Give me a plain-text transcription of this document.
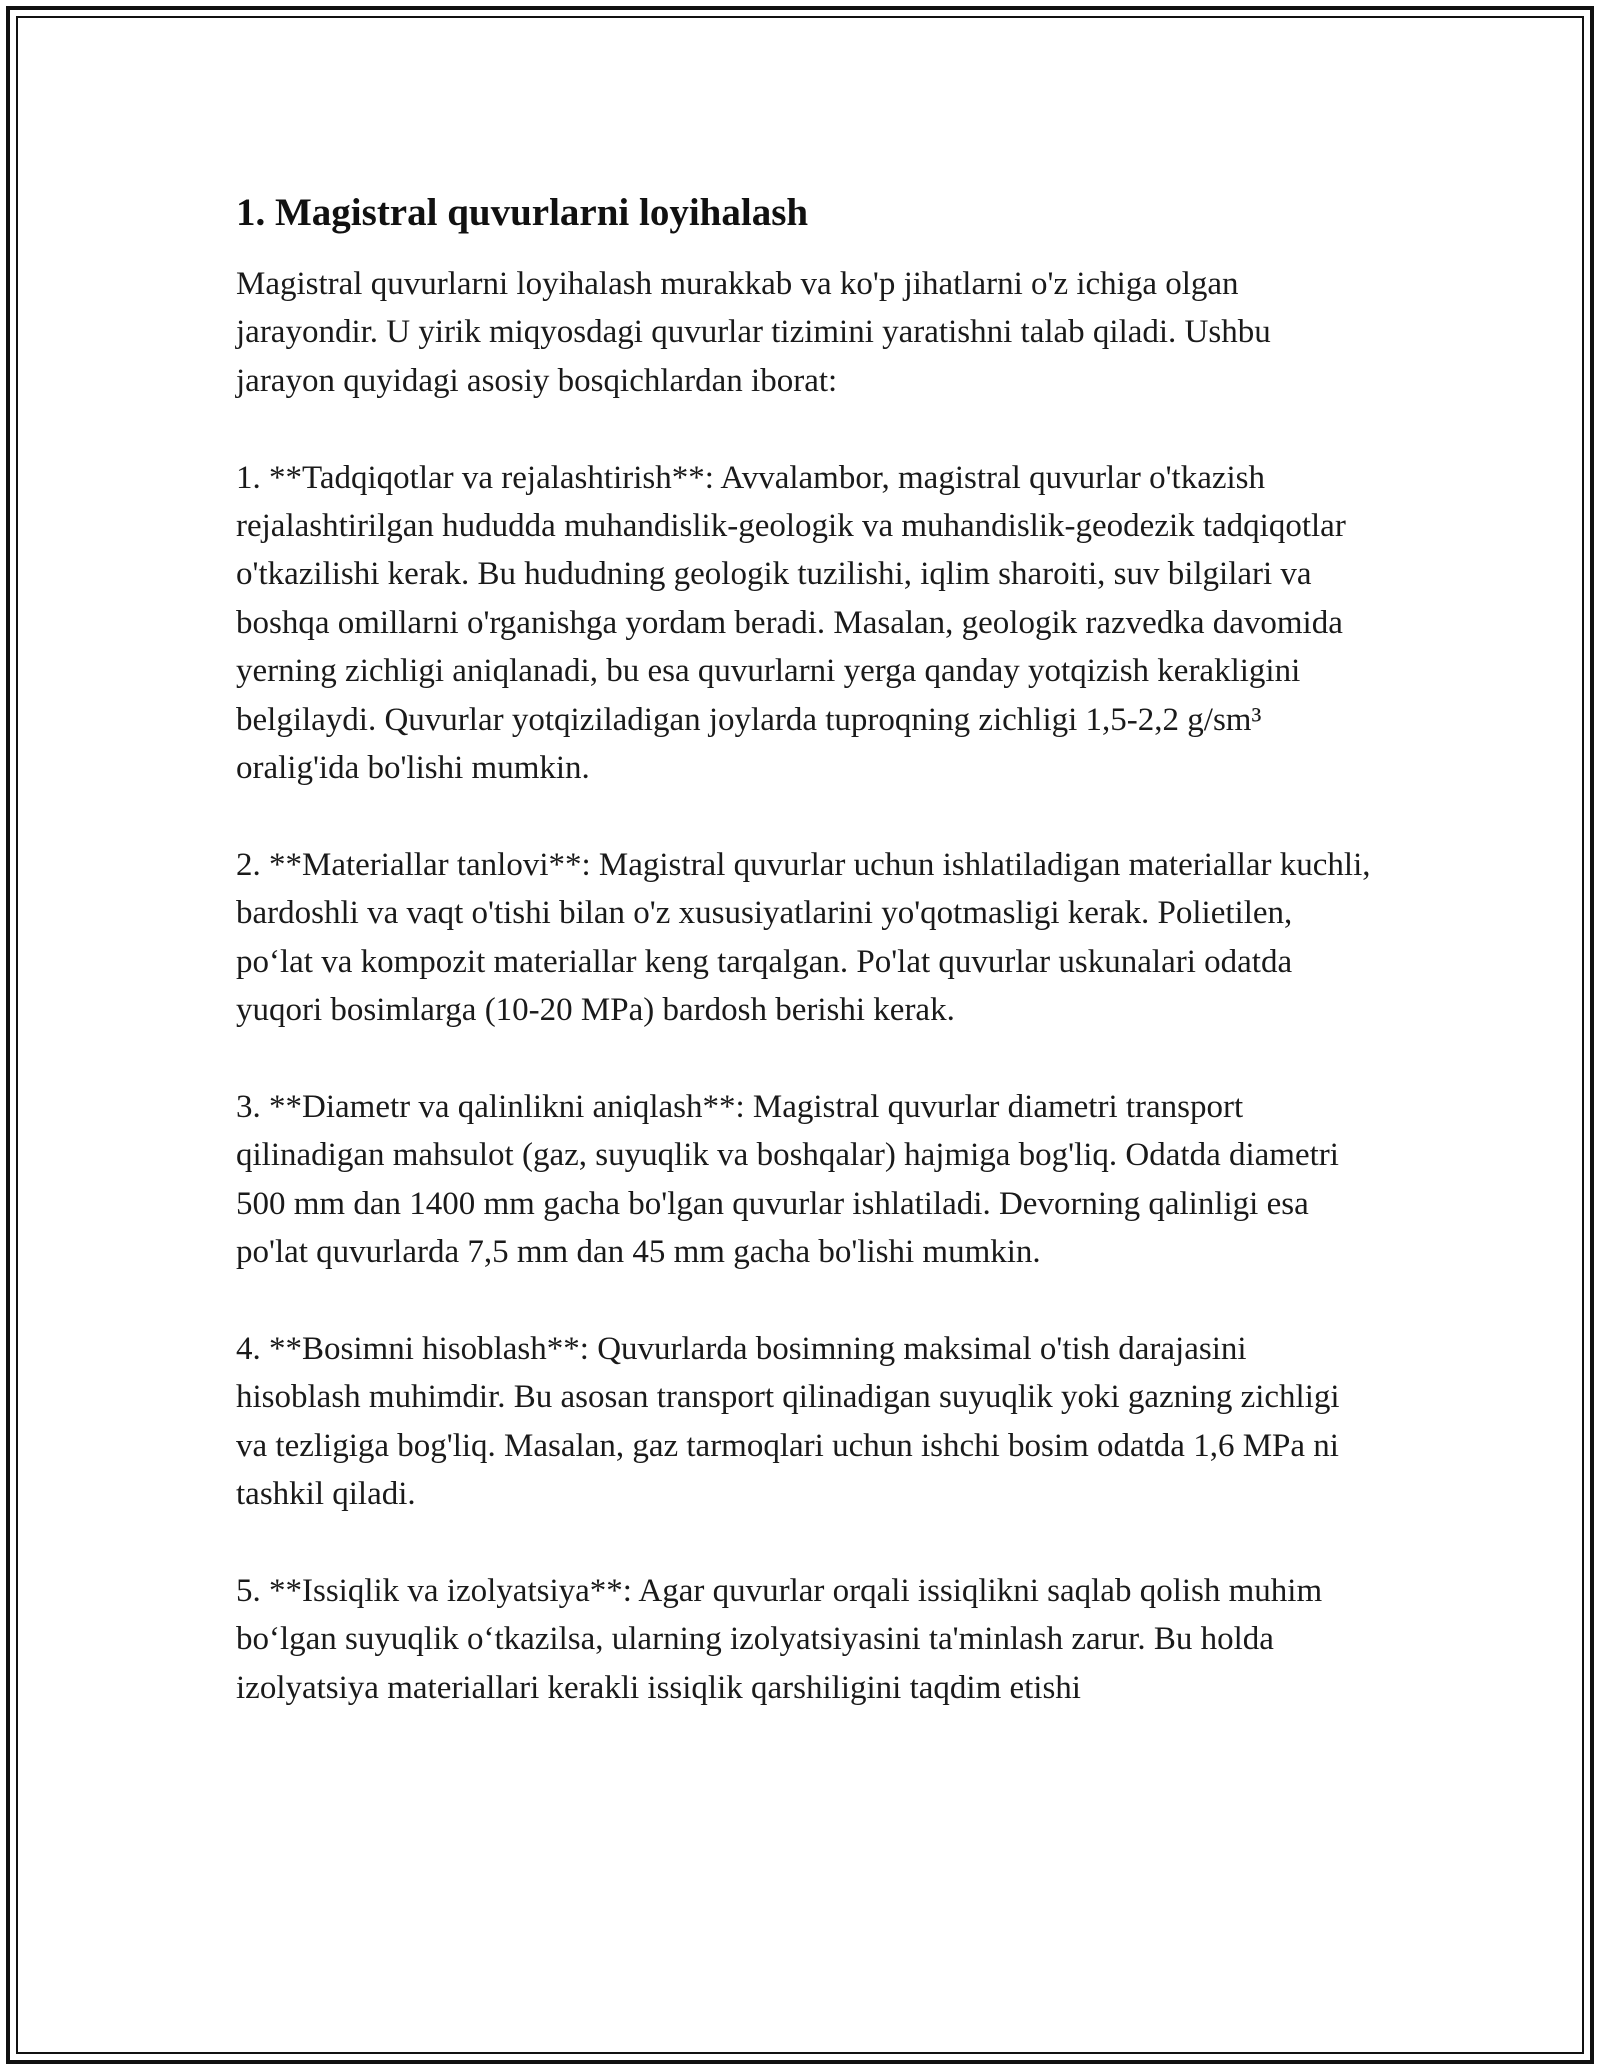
1. Magistral quvurlarni loyihalash

Magistral quvurlarni loyihalash murakkab va ko'p jihatlarni o'z ichiga olgan jarayondir. U yirik miqyosdagi quvurlar tizimini yaratishni talab qiladi. Ushbu jarayon quyidagi asosiy bosqichlardan iborat:

1. **Tadqiqotlar va rejalashtirish**: Avvalambor, magistral quvurlar o'tkazish rejalashtirilgan hududda muhandislik-geologik va muhandislik-geodezik tadqiqotlar o'tkazilishi kerak. Bu hududning geologik tuzilishi, iqlim sharoiti, suv bilgilari va boshqa omillarni o'rganishga yordam beradi. Masalan, geologik razvedka davomida yerning zichligi aniqlanadi, bu esa quvurlarni yerga qanday yotqizish kerakligini belgilaydi. Quvurlar yotqiziladigan joylarda tuproqning zichligi 1,5-2,2 g/sm³ oralig'ida bo'lishi mumkin.

2. **Materiallar tanlovi**: Magistral quvurlar uchun ishlatiladigan materiallar kuchli, bardoshli va vaqt o'tishi bilan o'z xususiyatlarini yo'qotmasligi kerak. Polietilen, po‘lat va kompozit materiallar keng tarqalgan. Po'lat quvurlar uskunalari odatda yuqori bosimlarga (10-20 MPa) bardosh berishi kerak.

3. **Diametr va qalinlikni aniqlash**: Magistral quvurlar diametri transport qilinadigan mahsulot (gaz, suyuqlik va boshqalar) hajmiga bog'liq. Odatda diametri 500 mm dan 1400 mm gacha bo'lgan quvurlar ishlatiladi. Devorning qalinligi esa po'lat quvurlarda 7,5 mm dan 45 mm gacha bo'lishi mumkin.

4. **Bosimni hisoblash**: Quvurlarda bosimning maksimal o'tish darajasini hisoblash muhimdir. Bu asosan transport qilinadigan suyuqlik yoki gazning zichligi va tezligiga bog'liq. Masalan, gaz tarmoqlari uchun ishchi bosim odatda 1,6 MPa ni tashkil qiladi.

5. **Issiqlik va izolyatsiya**: Agar quvurlar orqali issiqlikni saqlab qolish muhim bo‘lgan suyuqlik o‘tkazilsa, ularning izolyatsiyasini ta'minlash zarur. Bu holda izolyatsiya materiallari kerakli issiqlik qarshiligini taqdim etishi
